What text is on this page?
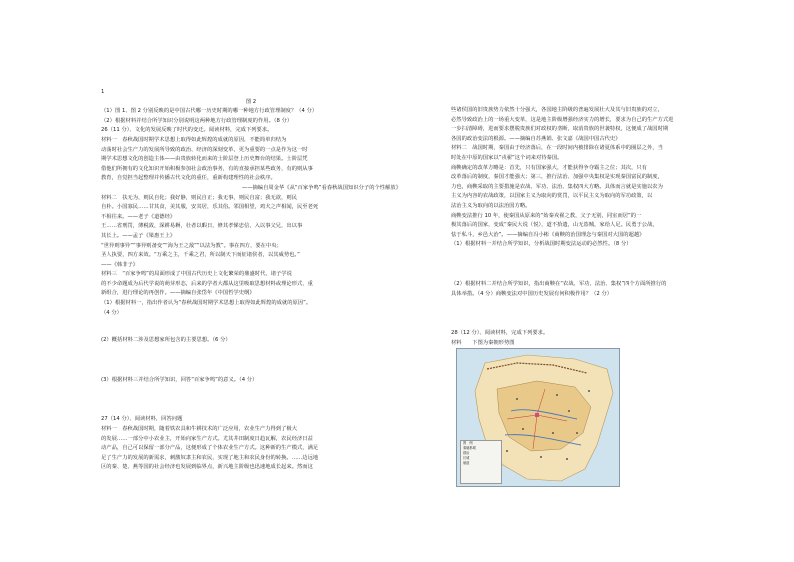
1
图 2
（1）图 1、图 2 分别反映的是中国古代哪一历史时期的哪一种地方行政管理制度？（4 分）
（2）根据材料并结合所学知识分别说明这两种地方行政管理制度的作用。（8 分）
26（11 分）、文化的发展反映了时代的变迁。阅读材料，完成下列要求。
材料一　春秋战国时期学术思想上取得如此辉煌的成就的原因，不能简单归结为
动荡时社会生产力的发展所导致的政治、经济的深刻变革，更为重要的一点是作为这一时
期学术思想文化的创造主体——由贵族转化而来的士阶层登上历史舞台的结果。士阶层凭
借他们所拥有的文化知识开始积极参加社会政治事务，有的直接承担某些政务，有的则从事
教育，自觉担当起整理并传播古代文化的重任，重新构建理性的社会秩序。
——摘编自周金华《从“百家争鸣”看春秋战国知识分子的个性解放》
材料二　扶无为，则民自化；我好静，则民自正；我无事，则民自富；我无欲，则民
自朴。小国寡民……甘其食，美其服，安其居，乐其俗。邻国相望，鸡犬之声相闻，民至老死
不相往来。——老子《道德经》
王……省刑罚，薄税敛，深耕易耨，壮者以暇日，修其孝悌忠信，入以事父兄，出以事
其长上。——孟子《梁惠王上》
“世异则事异”“事异则备变”“海为王之敌”“以法为教”。事在四方，要在中央；
圣人执要，四方来效。“万乘之主，千乘之君，所以制天下而征诸侯者，以其威势也。”
——《韩非子》
材料三　“百家争鸣”的局面形成了中国古代历史上文化繁荣的鼎盛时代，诸子学说
的不少命题成为后代学说的萌芽形态，后来的学者大都从这里吸取思想材料或理论形式，重
新组合，进行理论的再创作。——摘编自张岱年《中国哲学史纲》
（1）根据材料一，指出作者认为“春秋战国时期学术思想上取得如此辉煌的成就的原因”。
（4 分）
(2）概括材料二涉及思想家所包含的主要思想。（6 分）
(3）根据材料三并结合所学知识，回答“百家争鸣”的意义。（4 分）
27（14 分）、阅读材料，回答问题
材料一　春秋战国时期，随着铁农具和牛耕技术的广泛应用，农业生产力得到了极大
的发展……一部分中小农业主，开始向家生产方式。尤其井田制度日趋瓦解，农民经济日益
动产品，自己可以保留一部分产品，这便形成了个体农业生产方式。这种新的生产模式，满足
足了生产力的发展的新需求，刺激奴隶主和农民，实现了地主和农民身份的转换。……边远地
区的秦、楚、燕等国的社会经济也发展到临界点，新兴地主阶级也迅速地成长起来。然而这
些诸侯国的旧贵族势力依然十分强大，各国地主阶级的普遍发展壮大及其与旧贵族的对立，
必然导致政治上的一场重大变革，这是地主阶级增强经济实力的增长，要求为自己的生产方式进
一步扫清障碍，进而要求摆脱贵族们对政权的垄断，取消贵族的世袭特权，这便成了战国时期
各国的政治变法的根源。——摘编自苏燕娟、张文嘉《战国中国古代史》
材料二　战国时期，秦国由于经济落后，在一段时间内被排除在诸夏体系中的圈层之外，当
时处在中原的国家以“戎翟”这个词来对待秦国。
商鞅确定的改革方略是：首先，只有国家强大，才能获得争夺霸主之位；其次，只有
改革落后的制度，秦国才能强大；第三，推行法治、加强中央集权是实现秦国富民的制度，
力也，商鞅采取的主要措施是农战、军功、法治、集权四大方略。具体而言就是实施以农为
主义为内容的农战政策，以国家主义为取向的赏罚，以平民主义为取向的军功政策，以
法治主义为取向的以法治国方略。
商鞅变法推行 10 年，使秦国从原来的“始秦戎翟之教，父子无别，同室而居”的一
极其落后的国家，变成“秦民大说（悦），道不拾遗，山无盗贼，家给人足。民勇于公战，
怯于私斗，乡邑大治”。——摘编自冯小彬《商鞅的治国理念与秦国对大国的超越》
（1）根据材料一并结合所学知识，分析战国时期变法运动的必然性。（8 分）
（2）根据材料二并结合所学知识，指出商鞅在“农战、军功、法治、集权”四个方面所推行的
具体举措。（4 分）商鞅变法对中国历史发展有何积极作用？（2 分）
28（12 分）、阅读材料，完成下列要求。
材料　　下图为秦朝形势图
图　例
秦朝都城
郡治
长城
驰道
